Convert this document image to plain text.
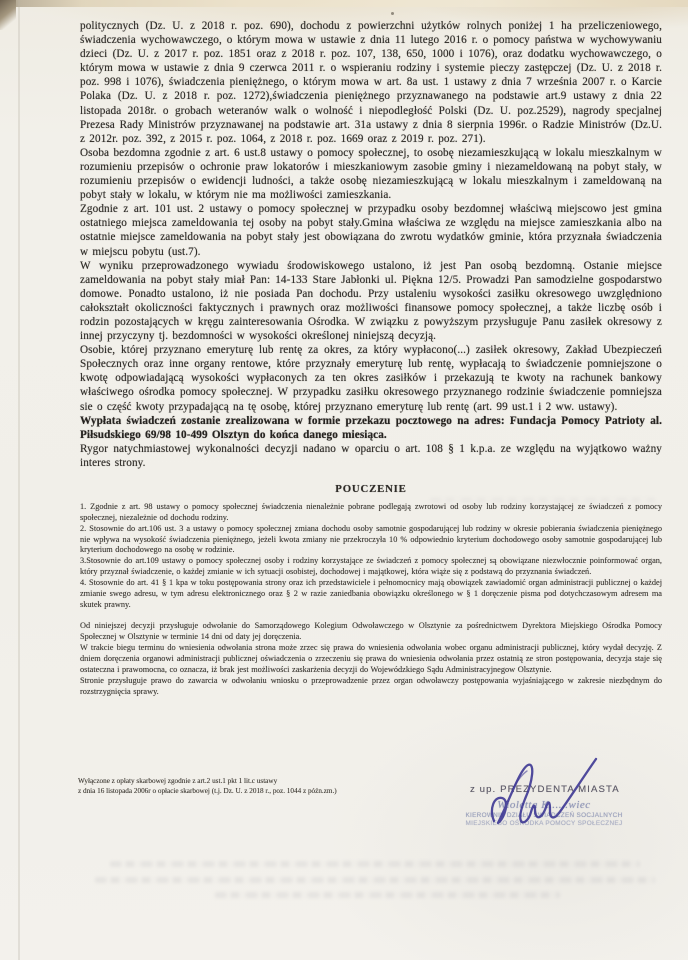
politycznych (Dz. U. z 2018 r. poz. 690), dochodu z powierzchni użytków rolnych poniżej 1 ha przeliczeniowego, świadczenia wychowawczego, o którym mowa w ustawie z dnia 11 lutego 2016 r. o pomocy państwa w wychowywaniu dzieci (Dz. U. z 2017 r. poz. 1851 oraz z 2018 r. poz. 107, 138, 650, 1000 i 1076), oraz dodatku wychowawczego, o którym mowa w ustawie z dnia 9 czerwca 2011 r. o wspieraniu rodziny i systemie pieczy zastępczej (Dz. U. z 2018 r. poz. 998 i 1076), świadczenia pieniężnego, o którym mowa w art. 8a ust. 1 ustawy z dnia 7 września 2007 r. o Karcie Polaka (Dz. U. z 2018 r. poz. 1272),świadczenia pieniężnego przyznawanego na podstawie art.9 ustawy z dnia 22 listopada 2018r. o grobach weteranów walk o wolność i niepodległość Polski (Dz. U. poz.2529), nagrody specjalnej Prezesa Rady Ministrów przyznawanej na podstawie art. 31a ustawy z dnia 8 sierpnia 1996r. o Radzie Ministrów (Dz.U. z 2012r. poz. 392, z 2015 r. poz. 1064, z 2018 r. poz. 1669 oraz z 2019 r. poz. 271).

Osoba bezdomna zgodnie z art. 6 ust.8 ustawy o pomocy społecznej, to osobę niezamieszkującą w lokalu mieszkalnym w rozumieniu przepisów o ochronie praw lokatorów i mieszkaniowym zasobie gminy i niezameldowaną na pobyt stały, w rozumieniu przepisów o ewidencji ludności, a także osobę niezamieszkującą w lokalu mieszkalnym i zameldowaną na pobyt stały w lokalu, w którym nie ma możliwości zamieszkania.

Zgodnie z art. 101 ust. 2 ustawy o pomocy społecznej w przypadku osoby bezdomnej właściwą miejscowo jest gmina ostatniego miejsca zameldowania tej osoby na pobyt stały.Gmina właściwa ze względu na miejsce zamieszkania albo na ostatnie miejsce zameldowania na pobyt stały jest obowiązana do zwrotu wydatków gminie, która przyznała świadczenia w miejscu pobytu (ust.7).

W wyniku przeprowadzonego wywiadu środowiskowego ustalono, iż jest Pan osobą bezdomną. Ostanie miejsce zameldowania na pobyt stały miał Pan: 14-133 Stare Jabłonki ul. Piękna 12/5. Prowadzi Pan samodzielne gospodarstwo domowe. Ponadto ustalono, iż nie posiada Pan dochodu. Przy ustaleniu wysokości zasiłku okresowego uwzględniono całokształt okoliczności faktycznych i prawnych oraz możliwości finansowe pomocy społecznej, a także liczbę osób i rodzin pozostających w kręgu zainteresowania Ośrodka. W związku z powyższym przysługuje Panu zasiłek okresowy z innej przyczyny tj. bezdomności w wysokości określonej niniejszą decyzją.

Osobie, której przyznano emeryturę lub rentę za okres, za który wypłacono(...) zasiłek okresowy, Zakład Ubezpieczeń Społecznych oraz inne organy rentowe, które przyznały emeryturę lub rentę, wypłacają to świadczenie pomniejszone o kwotę odpowiadającą wysokości wypłaconych za ten okres zasiłków i przekazują te kwoty na rachunek bankowy właściwego ośrodka pomocy społecznej. W przypadku zasiłku okresowego przyznanego rodzinie świadczenie pomniejsza sie o część kwoty przypadającą na tę osobę, której przyznano emeryturę lub rentę (art. 99 ust.1 i 2 ww. ustawy).

Wypłata świadczeń zostanie zrealizowana w formie przekazu pocztowego na adres: Fundacja Pomocy Patrioty al. Piłsudskiego 69/98 10-499 Olsztyn do końca danego miesiąca.

Rygor natychmiastowej wykonalności decyzji nadano w oparciu o art. 108 § 1 k.p.a. ze względu na wyjątkowo ważny interes strony.

POUCZENIE

1. Zgodnie z art. 98 ustawy o pomocy społecznej świadczenia nienależnie pobrane podlegają zwrotowi od osoby lub rodziny korzystającej ze świadczeń z pomocy społecznej, niezależnie od dochodu rodziny.

2. Stosownie do art.106 ust. 3 a ustawy o pomocy społecznej zmiana dochodu osoby samotnie gospodarującej lub rodziny w okresie pobierania świadczenia pieniężnego nie wpływa na wysokość świadczenia pieniężnego, jeżeli kwota zmiany nie przekroczyła 10 % odpowiednio kryterium dochodowego osoby samotnie gospodarującej lub kryterium dochodowego na osobę w rodzinie.

3.Stosownie do art.109 ustawy o pomocy społecznej osoby i rodziny korzystające ze świadczeń z pomocy społecznej są obowiązane niezwłocznie poinformować organ, który przyznał świadczenie, o każdej zmianie w ich sytuacji osobistej, dochodowej i majątkowej, która wiąże się z podstawą do przyznania świadczeń.

4. Stosownie do art. 41 § 1 kpa w toku postępowania strony oraz ich przedstawiciele i pełnomocnicy mają obowiązek zawiadomić organ administracji publicznej o każdej zmianie swego adresu, w tym adresu elektronicznego oraz § 2 w razie zaniedbania obowiązku określonego w § 1 doręczenie pisma pod dotychczasowym adresem ma skutek prawny.

Od niniejszej decyzji przysługuje odwołanie do Samorządowego Kolegium Odwoławczego w Olsztynie za pośrednictwem Dyrektora Miejskiego Ośrodka Pomocy Społecznej w Olsztynie w terminie 14 dni od daty jej doręczenia.

W trakcie biegu terminu do wniesienia odwołania strona może zrzec się prawa do wniesienia odwołania wobec organu administracji publicznej, który wydał decyzję. Z dniem doręczenia organowi administracji publicznej oświadczenia o zrzeczeniu się prawa do wniesienia odwołania przez ostatnią ze stron postępowania, decyzja staje się ostateczna i prawomocna, co oznacza, iż brak jest możliwości zaskarżenia decyzji do Wojewódzkiego Sądu Administracyjnegow Olsztynie.

Stronie przysługuje prawo do zawarcia w odwołaniu wniosku o przeprowadzenie przez organ odwoławczy postępowania wyjaśniającego w zakresie niezbędnym do rozstrzygnięcia sprawy.

Wyłączone z opłaty skarbowej zgodnie z art.2 ust.1 pkt 1 lit.c ustawy
z dnia 16 listopada 2006r o opłacie skarbowej (t.j. Dz. U. z 2018 r., poz. 1044 z późn.zm.)	z up. PREZYDENTA MIASTA
Wioletta K......wiec
KIEROWNIK DZIAŁU ŚWIADCZEŃ SOCJALNYCH
MIEJSKIEGO OŚRODKA POMOCY SPOŁECZNEJ
